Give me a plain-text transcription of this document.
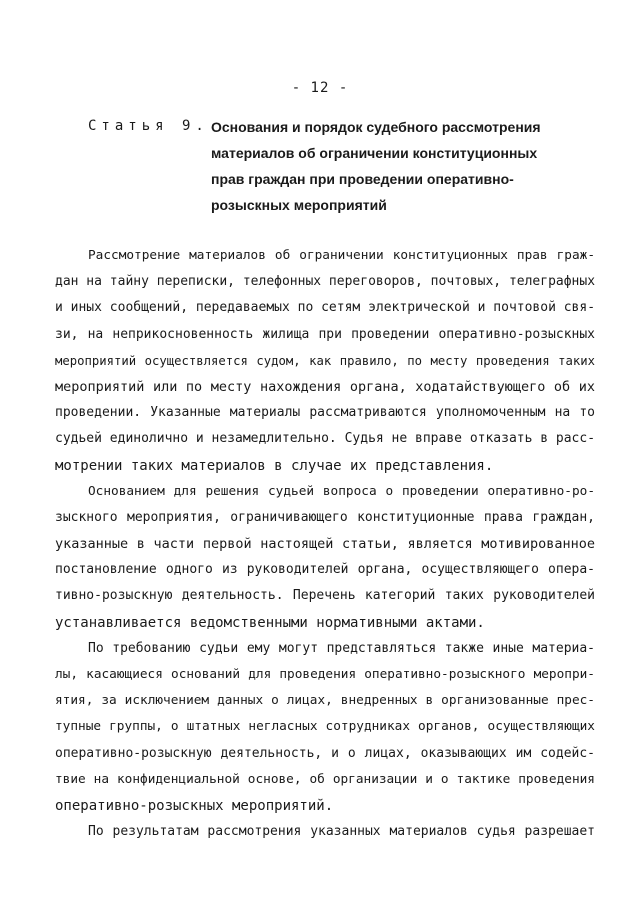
- 12 -
Статья 9. Основания и порядок судебного рассмотрения
материалов об ограничении конституционных
прав граждан при проведении оперативно-
розыскных мероприятий
Рассмотрение материалов об ограничении конституционных прав граж-
дан на тайну переписки, телефонных переговоров, почтовых, телеграфных
и иных сообщений, передаваемых по сетям электрической и почтовой свя-
зи, на неприкосновенность жилища при проведении оперативно-розыскных
мероприятий осуществляется судом, как правило, по месту проведения таких
мероприятий или по месту нахождения органа, ходатайствующего об их
проведении. Указанные материалы рассматриваются уполномоченным на то
судьей единолично и незамедлительно. Судья не вправе отказать в расс-
мотрении таких материалов в случае их представления.
Основанием для решения судьей вопроса о проведении оперативно-ро-
зыскного мероприятия, ограничивающего конституционные права граждан,
указанные в части первой настоящей статьи, является мотивированное
постановление одного из руководителей органа, осуществляющего опера-
тивно-розыскную деятельность. Перечень категорий таких руководителей
устанавливается ведомственными нормативными актами.
По требованию судьи ему могут представляться также иные материа-
лы, касающиеся оснований для проведения оперативно-розыскного меропри-
ятия, за исключением данных о лицах, внедренных в организованные прес-
тупные группы, о штатных негласных сотрудниках органов, осуществляющих
оперативно-розыскную деятельность, и о лицах, оказывающих им содейс-
твие на конфиденциальной основе, об организации и о тактике проведения
оперативно-розыскных мероприятий.
По результатам рассмотрения указанных материалов судья разрешает
